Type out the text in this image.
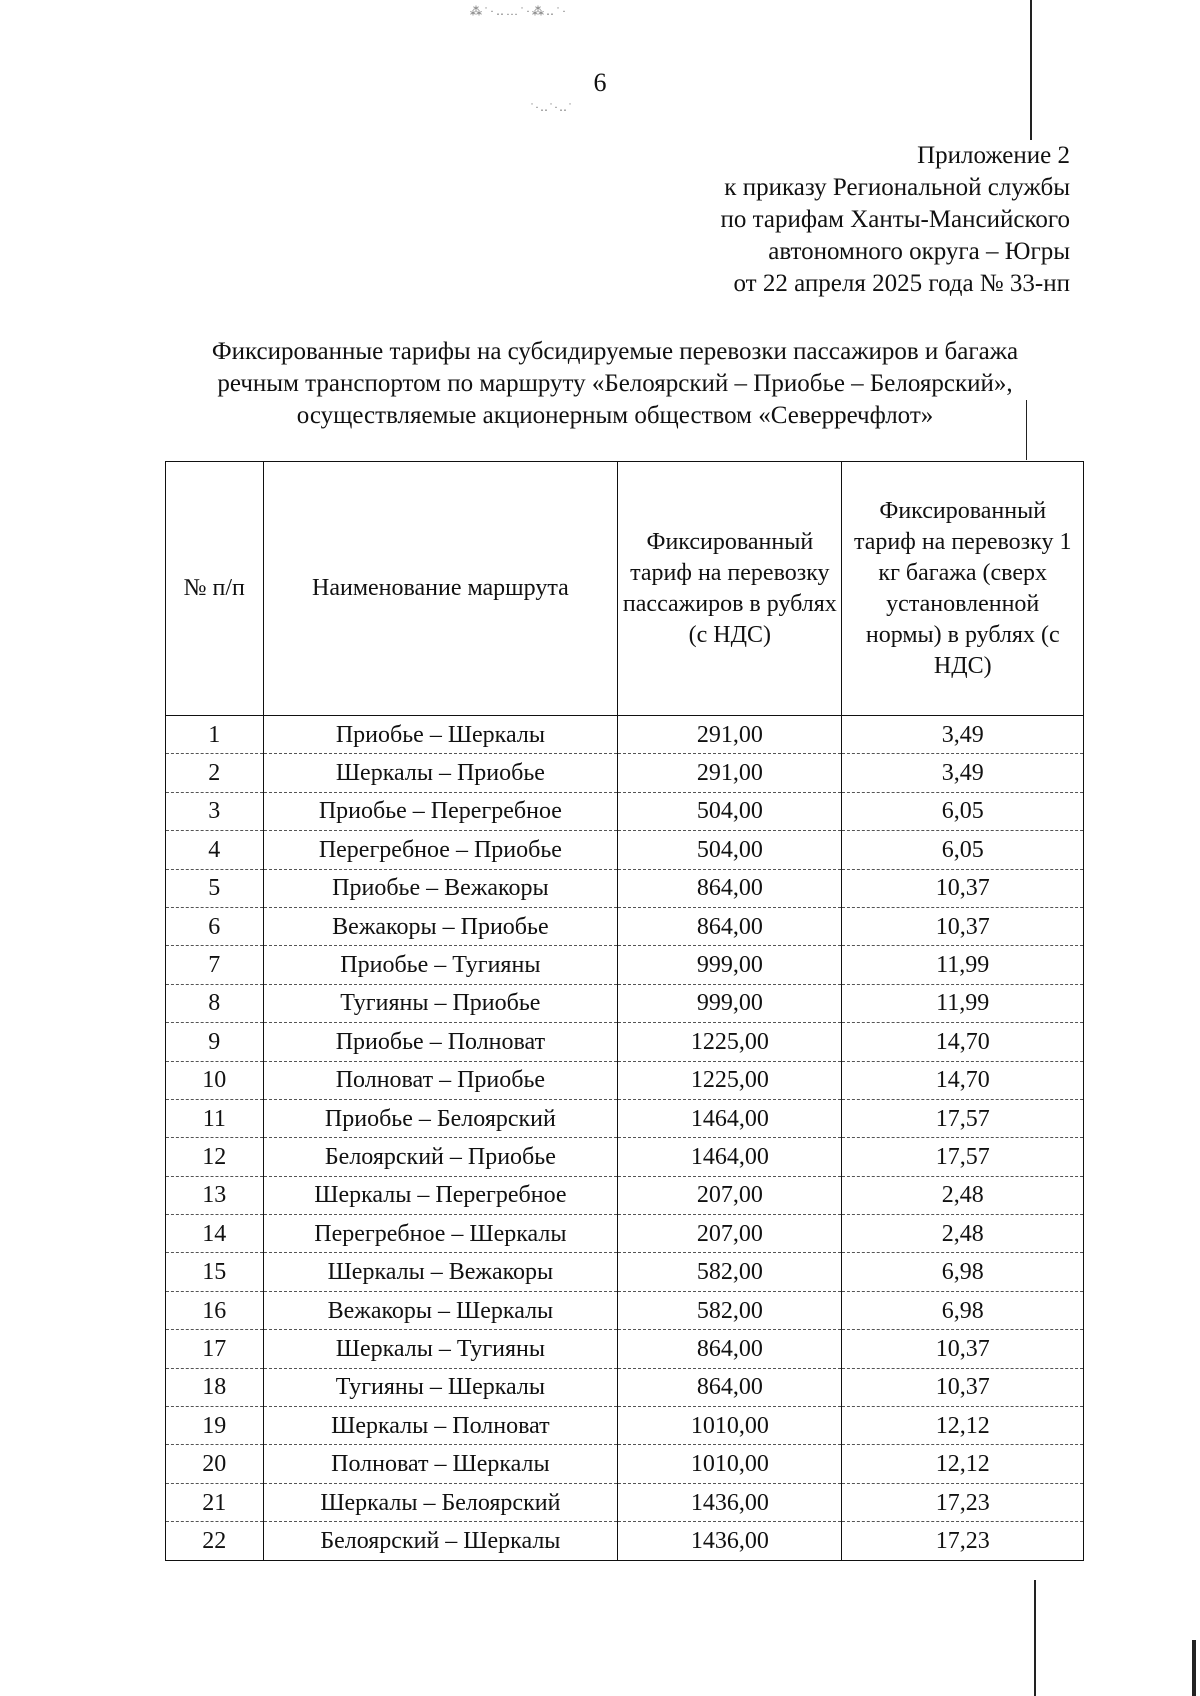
⁂˙·‥…˙·⁂‥˙·
˙·‥˙·‥˙
6
Приложение 2
к приказу Региональной службы
по тарифам Ханты-Мансийского
автономного округа – Югры
от 22 апреля 2025 года № 33-нп
Фиксированные тарифы на субсидируемые перевозки пассажиров и багажа
речным транспортом по маршруту «Белоярский – Приобье – Белоярский»,
осуществляемые акционерным обществом «Северречфлот»
№ п/п	Наименование маршрута	Фиксированный тариф на перевозку пассажиров в рублях (с НДС)	Фиксированный тариф на перевозку 1 кг багажа (сверх установленной нормы) в рублях (с НДС)
1	Приобье – Шеркалы	291,00	3,49
2	Шеркалы – Приобье	291,00	3,49
3	Приобье – Перегребное	504,00	6,05
4	Перегребное – Приобье	504,00	6,05
5	Приобье – Вежакоры	864,00	10,37
6	Вежакоры – Приобье	864,00	10,37
7	Приобье – Тугияны	999,00	11,99
8	Тугияны – Приобье	999,00	11,99
9	Приобье – Полноват	1225,00	14,70
10	Полноват – Приобье	1225,00	14,70
11	Приобье – Белоярский	1464,00	17,57
12	Белоярский – Приобье	1464,00	17,57
13	Шеркалы – Перегребное	207,00	2,48
14	Перегребное – Шеркалы	207,00	2,48
15	Шеркалы – Вежакоры	582,00	6,98
16	Вежакоры – Шеркалы	582,00	6,98
17	Шеркалы – Тугияны	864,00	10,37
18	Тугияны – Шеркалы	864,00	10,37
19	Шеркалы – Полноват	1010,00	12,12
20	Полноват – Шеркалы	1010,00	12,12
21	Шеркалы – Белоярский	1436,00	17,23
22	Белоярский – Шеркалы	1436,00	17,23
